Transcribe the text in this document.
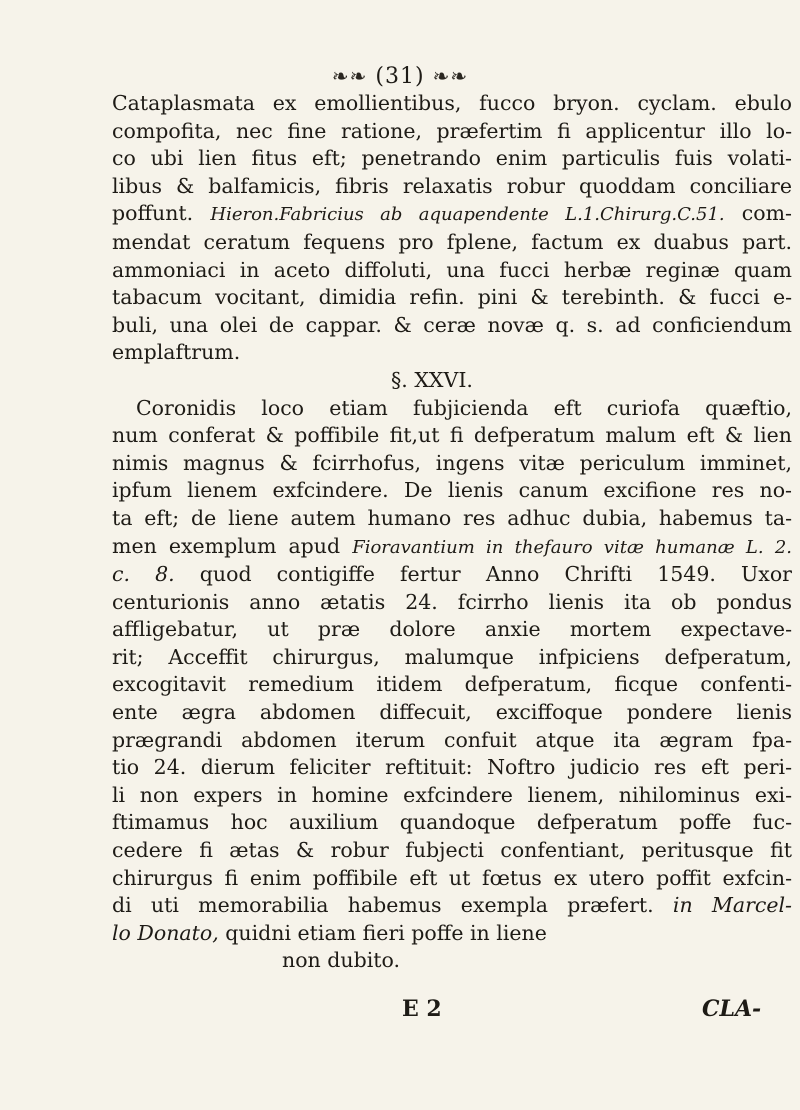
❧❧ (31) ❧❧
Cataplasmata ex emollientibus, fucco bryon. cyclam. ebulo
compofita, nec fine ratione, præfertim fi applicentur illo lo-
co ubi lien fitus eft; penetrando enim particulis fuis volati-
libus & balfamicis, fibris relaxatis robur quoddam conciliare
poffunt. Hieron.Fabricius ab aquapendente L.1.Chirurg.C.51. com-
mendat ceratum fequens pro fplene, factum ex duabus part.
ammoniaci in aceto diffoluti, una fucci herbæ reginæ quam
tabacum vocitant, dimidia refin. pini & terebinth. & fucci e-
buli, una olei de cappar. & ceræ novæ q. s. ad conficiendum
emplaftrum.
§. XXVI.
Coronidis loco etiam fubjicienda eft curiofa quæftio,
num conferat & poffibile fit,ut fi defperatum malum eft & lien
nimis magnus & fcirrhofus, ingens vitæ periculum imminet,
ipfum lienem exfcindere. De lienis canum excifione res no-
ta eft; de liene autem humano res adhuc dubia, habemus ta-
men exemplum apud Fioravantium in thefauro vitæ humanæ L. 2.
c. 8. quod contigiffe fertur Anno Chrifti 1549. Uxor
centurionis anno ætatis 24. fcirrho lienis ita ob pondus
affligebatur, ut præ dolore anxie mortem expectave-
rit; Acceffit chirurgus, malumque infpiciens defperatum,
excogitavit remedium itidem defperatum, ficque confenti-
ente ægra abdomen diffecuit, exciffoque pondere lienis
prægrandi abdomen iterum confuit atque ita ægram fpa-
tio 24. dierum feliciter reftituit: Noftro judicio res eft peri-
li non expers in homine exfcindere lienem, nihilominus exi-
ftimamus hoc auxilium quandoque defperatum poffe fuc-
cedere fi ætas & robur fubjecti confentiant, peritusque fit
chirurgus fi enim poffibile eft ut fœtus ex utero poffit exfcin-
di uti memorabilia habemus exempla præfert. in Marcel-
lo Donato, quidni etiam fieri poffe in liene
non dubito.
E 2	CLA-
